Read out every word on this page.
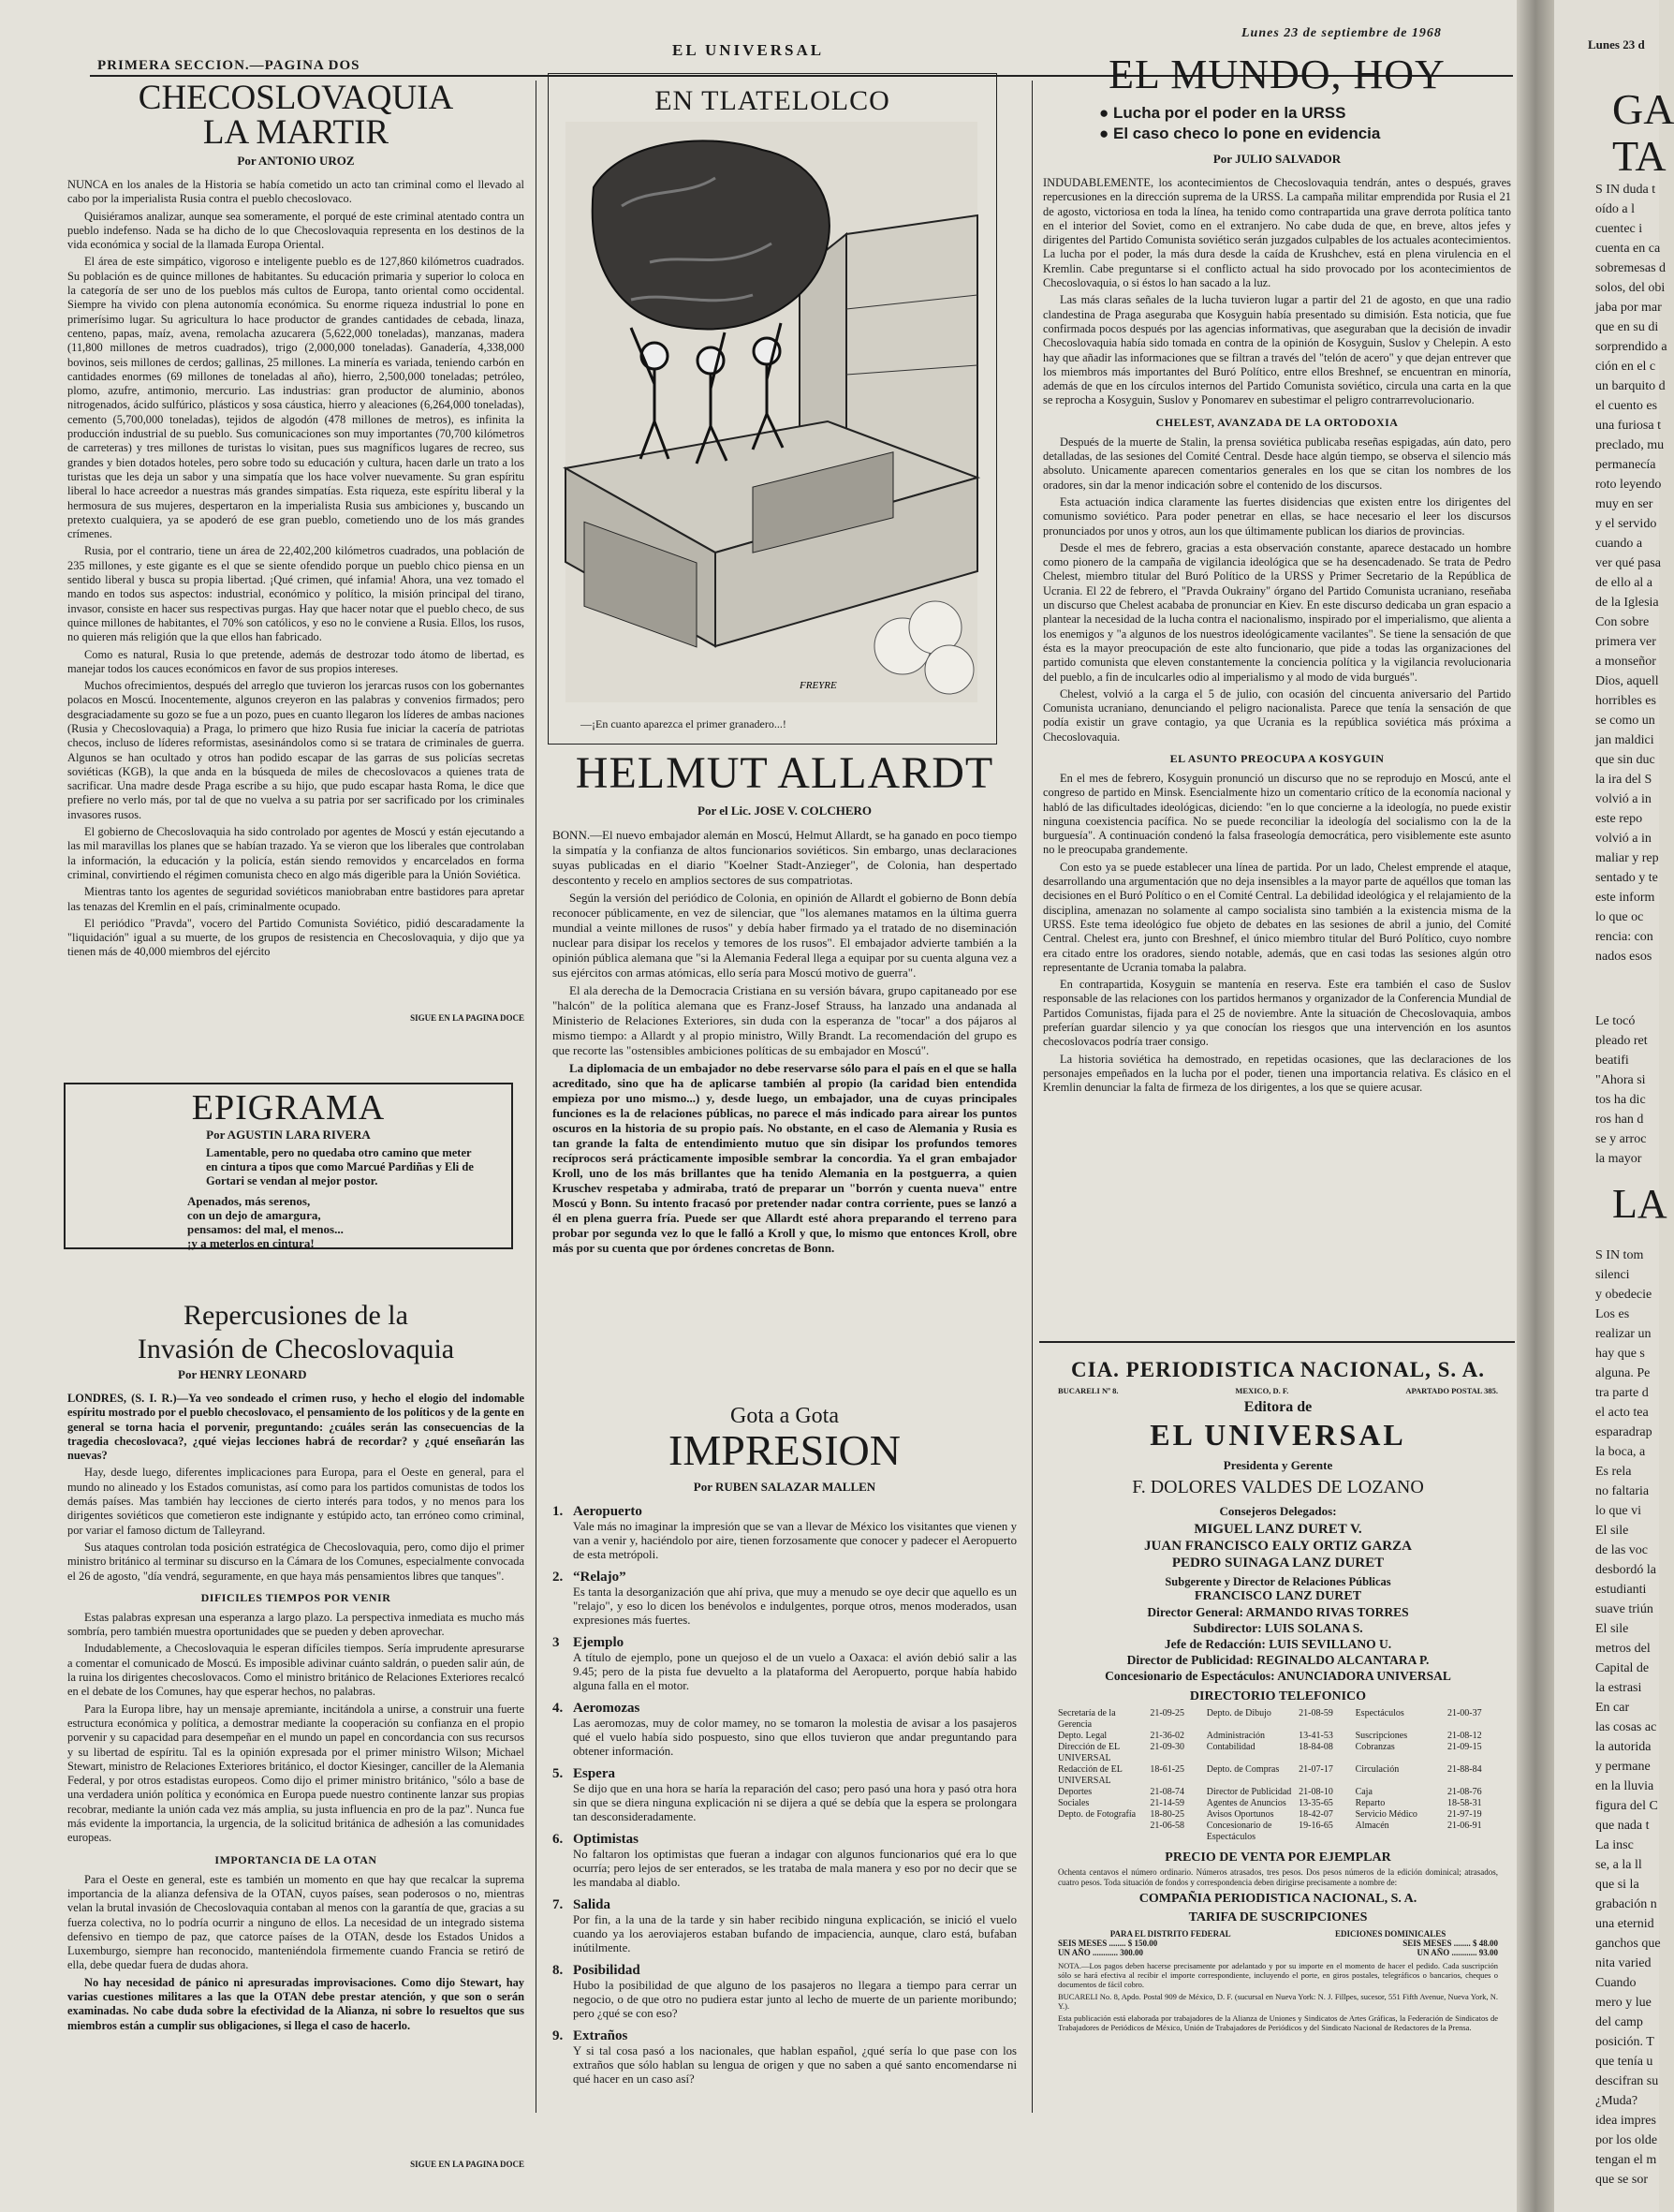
PRIMERA SECCION.—PAGINA DOS
EL UNIVERSAL
Lunes 23 de septiembre de 1968
CHECOSLOVAQUIA
LA MARTIR
Por ANTONIO UROZ

NUNCA en los anales de la Historia se había cometido un acto tan criminal como el llevado al cabo por la imperialista Rusia contra el pueblo checoslovaco.

Quisiéramos analizar, aunque sea someramente, el porqué de este criminal atentado contra un pueblo indefenso. Nada se ha dicho de lo que Checoslovaquia representa en los destinos de la vida económica y social de la llamada Europa Oriental.

El área de este simpático, vigoroso e inteligente pueblo es de 127,860 kilómetros cuadrados. Su población es de quince millones de habitantes. Su educación primaria y superior lo coloca en la categoría de ser uno de los pueblos más cultos de Europa, tanto oriental como occidental. Siempre ha vivido con plena autonomía económica. Su enorme riqueza industrial lo pone en primerísimo lugar. Su agricultura lo hace productor de grandes cantidades de cebada, linaza, centeno, papas, maíz, avena, remolacha azucarera (5,622,000 toneladas), manzanas, madera (11,800 millones de metros cuadrados), trigo (2,000,000 toneladas). Ganadería, 4,338,000 bovinos, seis millones de cerdos; gallinas, 25 millones. La minería es variada, teniendo carbón en cantidades enormes (69 millones de toneladas al año), hierro, 2,500,000 toneladas; petróleo, plomo, azufre, antimonio, mercurio. Las industrias: gran productor de aluminio, abonos nitrogenados, ácido sulfúrico, plásticos y sosa cáustica, hierro y aleaciones (6,264,000 toneladas), cemento (5,700,000 toneladas), tejidos de algodón (478 millones de metros), es infinita la producción industrial de su pueblo. Sus comunicaciones son muy importantes (70,700 kilómetros de carreteras) y tres millones de turistas lo visitan, pues sus magníficos lugares de recreo, sus grandes y bien dotados hoteles, pero sobre todo su educación y cultura, hacen darle un trato a los turistas que les deja un sabor y una simpatía que los hace volver nuevamente. Su gran espíritu liberal lo hace acreedor a nuestras más grandes simpatías. Esta riqueza, este espíritu liberal y la hermosura de sus mujeres, despertaron en la imperialista Rusia sus ambiciones y, buscando un pretexto cualquiera, ya se apoderó de ese gran pueblo, cometiendo uno de los más grandes crímenes.

Rusia, por el contrario, tiene un área de 22,402,200 kilómetros cuadrados, una población de 235 millones, y este gigante es el que se siente ofendido porque un pueblo chico piensa en un sentido liberal y busca su propia libertad. ¡Qué crimen, qué infamia! Ahora, una vez tomado el mando en todos sus aspectos: industrial, económico y político, la misión principal del tirano, invasor, consiste en hacer sus respectivas purgas. Hay que hacer notar que el pueblo checo, de sus quince millones de habitantes, el 70% son católicos, y eso no le conviene a Rusia. Ellos, los rusos, no quieren más religión que la que ellos han fabricado.

Como es natural, Rusia lo que pretende, además de destrozar todo átomo de libertad, es manejar todos los cauces económicos en favor de sus propios intereses.

Muchos ofrecimientos, después del arreglo que tuvieron los jerarcas rusos con los gobernantes polacos en Moscú. Inocentemente, algunos creyeron en las palabras y convenios firmados; pero desgraciadamente su gozo se fue a un pozo, pues en cuanto llegaron los líderes de ambas naciones (Rusia y Checoslovaquia) a Praga, lo primero que hizo Rusia fue iniciar la cacería de patriotas checos, incluso de líderes reformistas, asesinándolos como si se tratara de criminales de guerra. Algunos se han ocultado y otros han podido escapar de las garras de sus policías secretas soviéticas (KGB), la que anda en la búsqueda de miles de checoslovacos a quienes trata de sacrificar. Una madre desde Praga escribe a su hijo, que pudo escapar hasta Roma, le dice que prefiere no verlo más, por tal de que no vuelva a su patria por ser sacrificado por los criminales invasores rusos.

El gobierno de Checoslovaquia ha sido controlado por agentes de Moscú y están ejecutando a las mil maravillas los planes que se habían trazado. Ya se vieron que los liberales que controlaban la información, la educación y la policía, están siendo removidos y encarcelados en forma criminal, convirtiendo el régimen comunista checo en algo más digerible para la Unión Soviética.

Mientras tanto los agentes de seguridad soviéticos maniobraban entre bastidores para apretar las tenazas del Kremlin en el país, criminalmente ocupado.

El periódico "Pravda", vocero del Partido Comunista Soviético, pidió descaradamente la "liquidación" igual a su muerte, de los grupos de resistencia en Checoslovaquia, y dijo que ya tienen más de 40,000 miembros del ejército

SIGUE EN LA PAGINA DOCE
EPIGRAMA
Por AGUSTIN LARA RIVERA
Lamentable, pero no quedaba otro camino que meter en cintura a tipos que como Marcué Pardiñas y Eli de Gortari se vendan al mejor postor.
Apenados, más serenos,
con un dejo de amargura,
pensamos: del mal, el menos...
¡y a meterlos en cintura!
Repercusiones de la
Invasión de Checoslovaquia
Por HENRY LEONARD

LONDRES, (S. I. R.)—Ya veo sondeado el crimen ruso, y hecho el elogio del indomable espíritu mostrado por el pueblo checoslovaco, el pensamiento de los políticos y de la gente en general se torna hacia el porvenir, preguntando: ¿cuáles serán las consecuencias de la tragedia checoslovaca?, ¿qué viejas lecciones habrá de recordar? y ¿qué enseñarán las nuevas?

Hay, desde luego, diferentes implicaciones para Europa, para el Oeste en general, para el mundo no alineado y los Estados comunistas, así como para los partidos comunistas de todos los demás países. Mas también hay lecciones de cierto interés para todos, y no menos para los dirigentes soviéticos que cometieron este indignante y estúpido acto, tan erróneo como criminal, por variar el famoso dictum de Talleyrand.

Sus ataques controlan toda posición estratégica de Checoslovaquia, pero, como dijo el primer ministro británico al terminar su discurso en la Cámara de los Comunes, especialmente convocada el 26 de agosto, "día vendrá, seguramente, en que haya más pensamientos libres que tanques".

DIFICILES TIEMPOS POR VENIR

Estas palabras expresan una esperanza a largo plazo. La perspectiva inmediata es mucho más sombría, pero también muestra oportunidades que se pueden y deben aprovechar.

Indudablemente, a Checoslovaquia le esperan difíciles tiempos. Sería imprudente apresurarse a comentar el comunicado de Moscú. Es imposible adivinar cuánto saldrán, o pueden salir aún, de la ruina los dirigentes checoslovacos. Como el ministro británico de Relaciones Exteriores recalcó en el debate de los Comunes, hay que esperar hechos, no palabras.

Para la Europa libre, hay un mensaje apremiante, incitándola a unirse, a construir una fuerte estructura económica y política, a demostrar mediante la cooperación su confianza en el propio porvenir y su capacidad para desempeñar en el mundo un papel en concordancia con sus recursos y su libertad de espíritu. Tal es la opinión expresada por el primer ministro Wilson; Michael Stewart, ministro de Relaciones Exteriores británico, el doctor Kiesinger, canciller de la Alemania Federal, y por otros estadistas europeos. Como dijo el primer ministro británico, "sólo a base de una verdadera unión política y económica en Europa puede nuestro continente lanzar sus propias recobrar, mediante la unión cada vez más amplia, su justa influencia en pro de la paz". Nunca fue más evidente la importancia, la urgencia, de la solicitud británica de adhesión a las comunidades europeas.

IMPORTANCIA DE LA OTAN

Para el Oeste en general, este es también un momento en que hay que recalcar la suprema importancia de la alianza defensiva de la OTAN, cuyos países, sean poderosos o no, mientras velan la brutal invasión de Checoslovaquia contaban al menos con la garantía de que, gracias a su fuerza colectiva, no lo podría ocurrir a ninguno de ellos. La necesidad de un integrado sistema defensivo en tiempo de paz, que catorce países de la OTAN, desde los Estados Unidos a Luxemburgo, siempre han reconocido, manteniéndola firmemente cuando Francia se retiró de ella, debe quedar fuera de dudas ahora.

No hay necesidad de pánico ni apresuradas improvisaciones. Como dijo Stewart, hay varias cuestiones militares a las que la OTAN debe prestar atención, y que son o serán examinadas. No cabe duda sobre la efectividad de la Alianza, ni sobre lo resueltos que sus miembros están a cumplir sus obligaciones, si llega el caso de hacerlo.

SIGUE EN LA PAGINA DOCE
EN TLATELOLCO
FREYRE
—¡En cuanto aparezca el primer granadero...!
HELMUT ALLARDT
Por el Lic. JOSE V. COLCHERO

BONN.—El nuevo embajador alemán en Moscú, Helmut Allardt, se ha ganado en poco tiempo la simpatía y la confianza de altos funcionarios soviéticos. Sin embargo, unas declaraciones suyas publicadas en el diario "Koelner Stadt-Anzieger", de Colonia, han despertado descontento y recelo en amplios sectores de sus compatriotas.

Según la versión del periódico de Colonia, en opinión de Allardt el gobierno de Bonn debía reconocer públicamente, en vez de silenciar, que "los alemanes matamos en la última guerra mundial a veinte millones de rusos" y debía haber firmado ya el tratado de no diseminación nuclear para disipar los recelos y temores de los rusos". El embajador advierte también a la opinión pública alemana que "si la Alemania Federal llega a equipar por su cuenta alguna vez a sus ejércitos con armas atómicas, ello sería para Moscú motivo de guerra".

El ala derecha de la Democracia Cristiana en su versión bávara, grupo capitaneado por ese "halcón" de la política alemana que es Franz-Josef Strauss, ha lanzado una andanada al Ministerio de Relaciones Exteriores, sin duda con la esperanza de "tocar" a dos pájaros al mismo tiempo: a Allardt y al propio ministro, Willy Brandt. La recomendación del grupo es que recorte las "ostensibles ambiciones políticas de su embajador en Moscú".

La diplomacia de un embajador no debe reservarse sólo para el país en el que se halla acreditado, sino que ha de aplicarse también al propio (la caridad bien entendida empieza por uno mismo...) y, desde luego, un embajador, una de cuyas principales funciones es la de relaciones públicas, no parece el más indicado para airear los puntos oscuros en la historia de su propio país. No obstante, en el caso de Alemania y Rusia es tan grande la falta de entendimiento mutuo que sin disipar los profundos temores recíprocos será prácticamente imposible sembrar la concordia. Ya el gran embajador Kroll, uno de los más brillantes que ha tenido Alemania en la postguerra, a quien Kruschev respetaba y admiraba, trató de preparar un "borrón y cuenta nueva" entre Moscú y Bonn. Su intento fracasó por pretender nadar contra corriente, pues se lanzó a él en plena guerra fría. Puede ser que Allardt esté ahora preparando el terreno para probar por segunda vez lo que le falló a Kroll y que, lo mismo que entonces Kroll, obre más por su cuenta que por órdenes concretas de Bonn.

Gota a Gota
IMPRESION
Por RUBEN SALAZAR MALLEN
1. Aeropuerto
Vale más no imaginar la impresión que se van a llevar de México los visitantes que vienen y van a venir y, haciéndolo por aire, tienen forzosamente que conocer y padecer el Aeropuerto de esta metrópoli.
2. “Relajo”
Es tanta la desorganización que ahí priva, que muy a menudo se oye decir que aquello es un "relajo", y eso lo dicen los benévolos e indulgentes, porque otros, menos moderados, usan expresiones más fuertes.
3 Ejemplo
A título de ejemplo, pone un quejoso el de un vuelo a Oaxaca: el avión debió salir a las 9.45; pero de la pista fue devuelto a la plataforma del Aeropuerto, porque había habido alguna falla en el motor.
4. Aeromozas
Las aeromozas, muy de color mamey, no se tomaron la molestia de avisar a los pasajeros qué el vuelo había sido pospuesto, sino que ellos tuvieron que andar preguntando para obtener información.
5. Espera
Se dijo que en una hora se haría la reparación del caso; pero pasó una hora y pasó otra hora sin que se diera ninguna explicación ni se dijera a qué se debía que la espera se prolongara tan desconsideradamente.
6. Optimistas
No faltaron los optimistas que fueran a indagar con algunos funcionarios qué era lo que ocurría; pero lejos de ser enterados, se les trataba de mala manera y eso por no decir que se les mandaba al diablo.
7. Salida
Por fin, a la una de la tarde y sin haber recibido ninguna explicación, se inició el vuelo cuando ya los aeroviajeros estaban bufando de impaciencia, aunque, claro está, bufaban inútilmente.
8. Posibilidad
Hubo la posibilidad de que alguno de los pasajeros no llegara a tiempo para cerrar un negocio, o de que otro no pudiera estar junto al lecho de muerte de un pariente moribundo; pero ¿qué se con eso?
9. Extraños
Y si tal cosa pasó a los nacionales, que hablan español, ¿qué sería lo que pase con los extraños que sólo hablan su lengua de origen y que no saben a qué santo encomendarse ni qué hacer en un caso así?
EL MUNDO, HOY
● Lucha por el poder en la URSS
● El caso checo lo pone en evidencia
Por JULIO SALVADOR

INDUDABLEMENTE, los acontecimientos de Checoslovaquia tendrán, antes o después, graves repercusiones en la dirección suprema de la URSS. La campaña militar emprendida por Rusia el 21 de agosto, victoriosa en toda la línea, ha tenido como contrapartida una grave derrota política tanto en el interior del Soviet, como en el extranjero. No cabe duda de que, en breve, altos jefes y dirigentes del Partido Comunista soviético serán juzgados culpables de los actuales acontecimientos. La lucha por el poder, la más dura desde la caída de Krushchev, está en plena virulencia en el Kremlin. Cabe preguntarse si el conflicto actual ha sido provocado por los acontecimientos de Checoslovaquia, o si éstos lo han sacado a la luz.

Las más claras señales de la lucha tuvieron lugar a partir del 21 de agosto, en que una radio clandestina de Praga aseguraba que Kosyguin había presentado su dimisión. Esta noticia, que fue confirmada pocos después por las agencias informativas, que aseguraban que la decisión de invadir Checoslovaquia había sido tomada en contra de la opinión de Kosyguin, Suslov y Chelepin. A esto hay que añadir las informaciones que se filtran a través del "telón de acero" y que dejan entrever que los miembros más importantes del Buró Político, entre ellos Breshnef, se encuentran en minoría, además de que en los círculos internos del Partido Comunista soviético, circula una carta en la que se reprocha a Kosyguin, Suslov y Ponomarev en subestimar el peligro contrarrevolucionario.

CHELEST, AVANZADA DE LA ORTODOXIA

Después de la muerte de Stalin, la prensa soviética publicaba reseñas espigadas, aún dato, pero detalladas, de las sesiones del Comité Central. Desde hace algún tiempo, se observa el silencio más absoluto. Unicamente aparecen comentarios generales en los que se citan los nombres de los oradores, sin dar la menor indicación sobre el contenido de los discursos.

Esta actuación indica claramente las fuertes disidencias que existen entre los dirigentes del comunismo soviético. Para poder penetrar en ellas, se hace necesario el leer los discursos pronunciados por unos y otros, aun los que últimamente publican los diarios de provincias.

Desde el mes de febrero, gracias a esta observación constante, aparece destacado un hombre como pionero de la campaña de vigilancia ideológica que se ha desencadenado. Se trata de Pedro Chelest, miembro titular del Buró Político de la URSS y Primer Secretario de la República de Ucrania. El 22 de febrero, el "Pravda Oukrainy" órgano del Partido Comunista ucraniano, reseñaba un discurso que Chelest acababa de pronunciar en Kiev. En este discurso dedicaba un gran espacio a plantear la necesidad de la lucha contra el nacionalismo, inspirado por el imperialismo, que alienta a los enemigos y "a algunos de los nuestros ideológicamente vacilantes". Se tiene la sensación de que ésta es la mayor preocupación de este alto funcionario, que pide a todas las organizaciones del partido comunista que eleven constantemente la conciencia política y la vigilancia revolucionaria del pueblo, a fin de inculcarles odio al imperialismo y al modo de vida burgués".

Chelest, volvió a la carga el 5 de julio, con ocasión del cincuenta aniversario del Partido Comunista ucraniano, denunciando el peligro nacionalista. Parece que tenía la sensación de que podía existir un grave contagio, ya que Ucrania es la república soviética más próxima a Checoslovaquia.

EL ASUNTO PREOCUPA A KOSYGUIN

En el mes de febrero, Kosyguin pronunció un discurso que no se reprodujo en Moscú, ante el congreso de partido en Minsk. Esencialmente hizo un comentario crítico de la economía nacional y habló de las dificultades ideológicas, diciendo: "en lo que concierne a la ideología, no puede existir ninguna coexistencia pacífica. No se puede reconciliar la ideología del socialismo con la de la burguesía". A continuación condenó la falsa fraseología democrática, pero visiblemente este asunto no le preocupaba grandemente.

Con esto ya se puede establecer una línea de partida. Por un lado, Chelest emprende el ataque, desarrollando una argumentación que no deja insensibles a la mayor parte de aquéllos que toman las decisiones en el Buró Político o en el Comité Central. La debilidad ideológica y el relajamiento de la disciplina, amenazan no solamente al campo socialista sino también a la existencia misma de la URSS. Este tema ideológico fue objeto de debates en las sesiones de abril a junio, del Comité Central. Chelest era, junto con Breshnef, el único miembro titular del Buró Político, cuyo nombre era citado entre los oradores, siendo notable, además, que en casi todas las sesiones algún otro representante de Ucrania tomaba la palabra.

En contrapartida, Kosyguin se mantenía en reserva. Este era también el caso de Suslov responsable de las relaciones con los partidos hermanos y organizador de la Conferencia Mundial de Partidos Comunistas, fijada para el 25 de noviembre. Ante la situación de Checoslovaquia, ambos preferían guardar silencio y ya que conocían los riesgos que una intervención en los asuntos checoslovacos podría traer consigo.

La historia soviética ha demostrado, en repetidas ocasiones, que las declaraciones de los personajes empeñados en la lucha por el poder, tienen una importancia relativa. Es clásico en el Kremlin denunciar la falta de firmeza de los dirigentes, a los que se quiere acusar.

CIA. PERIODISTICA NACIONAL, S. A.
BUCARELI Nº 8.	MEXICO, D. F.	APARTADO POSTAL 385.
Editora de
EL UNIVERSAL
Presidenta y Gerente
F. DOLORES VALDES DE LOZANO
Consejeros Delegados:
MIGUEL LANZ DURET V.
JUAN FRANCISCO EALY ORTIZ GARZA
PEDRO SUINAGA LANZ DURET
Subgerente y Director de Relaciones Públicas
FRANCISCO LANZ DURET
Director General: ARMANDO RIVAS TORRES
Subdirector: LUIS SOLANA S.
Jefe de Redacción: LUIS SEVILLANO U.
Director de Publicidad: REGINALDO ALCANTARA P.
Concesionario de Espectáculos: ANUNCIADORA UNIVERSAL
DIRECTORIO TELEFONICO
Secretaría de la Gerencia
21-09-25	Depto. de Dibujo	21-08-59	Espectáculos	21-00-37
Depto. Legal	21-36-02	Administración	13-41-53	Suscripciones	21-08-12
Dirección de EL UNIVERSAL
21-09-30	Contabilidad	18-84-08	Cobranzas	21-09-15
Redacción de EL UNIVERSAL
18-61-25	Depto. de Compras	21-07-17	Circulación	21-88-84
Deportes	21-08-74	Director de Publicidad 21-08-10	Caja	21-08-76
Sociales	21-14-59	Agentes de Anuncios	13-35-65	Reparto	18-58-31
Depto. de Fotografía	18-80-25	Avisos Oportunos	18-42-07	Servicio Médico	21-97-19
21-06-58	Concesionario de Espectáculos
19-16-65	Almacén	21-06-91
PRECIO DE VENTA POR EJEMPLAR
Ochenta centavos el número ordinario. Números atrasados, tres pesos. Dos pesos números de la edición dominical; atrasados, cuatro pesos. Toda situación de fondos y correspondencia deben dirigirse precisamente a nombre de:
COMPAÑIA PERIODISTICA NACIONAL, S. A.
TARIFA DE SUSCRIPCIONES
PARA EL DISTRITO FEDERAL	EDICIONES DOMINICALES
SEIS MESES ........ $ 150.00	SEIS MESES ........ $ 48.00
UN AÑO ............ 300.00	UN AÑO ............ 93.00
NOTA.—Los pagos deben hacerse precisamente por adelantado y por su importe en el momento de hacer el pedido. Cada suscripción sólo se hará efectiva al recibir el importe correspondiente, incluyendo el porte, en giros postales, telegráficos o bancarios, cheques o documentos de fácil cobro.
BUCARELI No. 8, Apdo. Postal 909 de México, D. F. (sucursal en Nueva York: N. J. Fillpes, sucesor, 551 Fifth Avenue, Nueva York, N. Y.).
Esta publicación está elaborada por trabajadores de la Alianza de Uniones y Sindicatos de Artes Gráficas, la Federación de Sindicatos de Trabajadores de Periódicos de México, Unión de Trabajadores de Periódicos y del Sindicato Nacional de Redactores de la Prensa.
Lunes 23 d
GA
TA
S IN duda t
oído a l
cuentec i
cuenta en ca
sobremesas d
solos, del obi
jaba por mar
que en su di
sorprendido a
ción en el c
un barquito d
el cuento es
una furiosa t
preclado, mu
permanecía
roto leyendo
muy en ser
y el servido
cuando a
ver qué pasa
de ello al a
de la Iglesia
Con sobre
primera ver
a monseñor
Dios, aquell
horribles es
se como un
jan maldici
que sin duc
la ira del S
volvió a in
este repo
volvió a in
maliar y rep
sentado y te
este inform
lo que oc
rencia: con
nados esos
Le tocó
pleado ret
beatifi
"Ahora si
tos ha dic
ros han d
se y arroc
la mayor
LA
S IN tom
silenci
y obedecie
Los es
realizar un
hay que s
alguna. Pe
tra parte d
el acto tea
esparadrap
la boca, a
Es rela
no faltaria
lo que vi
El sile
de las voc
desbordó la
estudianti
suave triún
El sile
metros del
Capital de
la estrasi
En car
las cosas ac
la autorida
y permane
en la lluvia
figura del C
que nada t
La insc
se, a la ll
que si la
grabación n
una eternid
ganchos que
nita varied
Cuando
mero y lue
del camp
posición. T
que tenía u
descifran su
¿Muda?
idea impres
por los olde
tengan el m
que se sor
